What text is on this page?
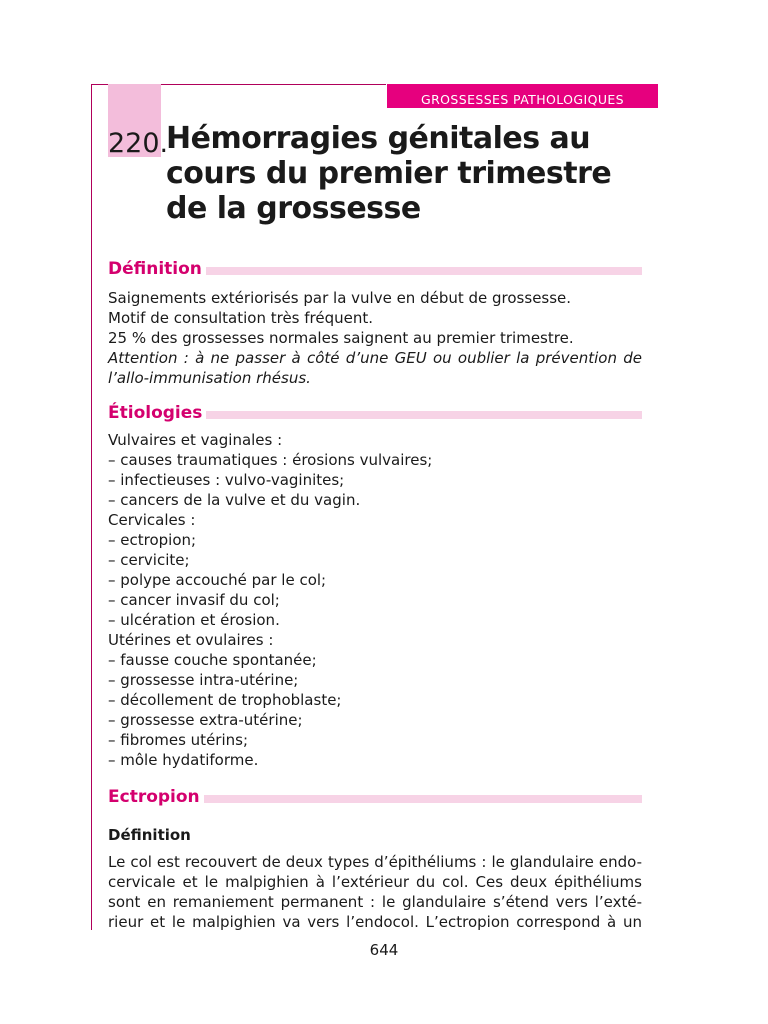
GROSSESSES PATHOLOGIQUES
220.
Hémorragies génitales au
cours du premier trimestre
de la grossesse
Définition
Saignements extériorisés par la vulve en début de grossesse.
Motif de consultation très fréquent.
25 % des grossesses normales saignent au premier trimestre.
Attention : à ne passer à côté d’une GEU ou oublier la prévention de
l’allo-immunisation rhésus.
Étiologies
Vulvaires et vaginales :
– causes traumatiques : érosions vulvaires;
– infectieuses : vulvo-vaginites;
– cancers de la vulve et du vagin.
Cervicales :
– ectropion;
– cervicite;
– polype accouché par le col;
– cancer invasif du col;
– ulcération et érosion.
Utérines et ovulaires :
– fausse couche spontanée;
– grossesse intra-utérine;
– décollement de trophoblaste;
– grossesse extra-utérine;
– fibromes utérins;
– môle hydatiforme.
Ectropion
Définition
Le col est recouvert de deux types d’épithéliums : le glandulaire endo-
cervicale et le malpighien à l’extérieur du col. Ces deux épithéliums
sont en remaniement permanent : le glandulaire s’étend vers l’exté-
rieur et le malpighien va vers l’endocol. L’ectropion correspond à un
644
